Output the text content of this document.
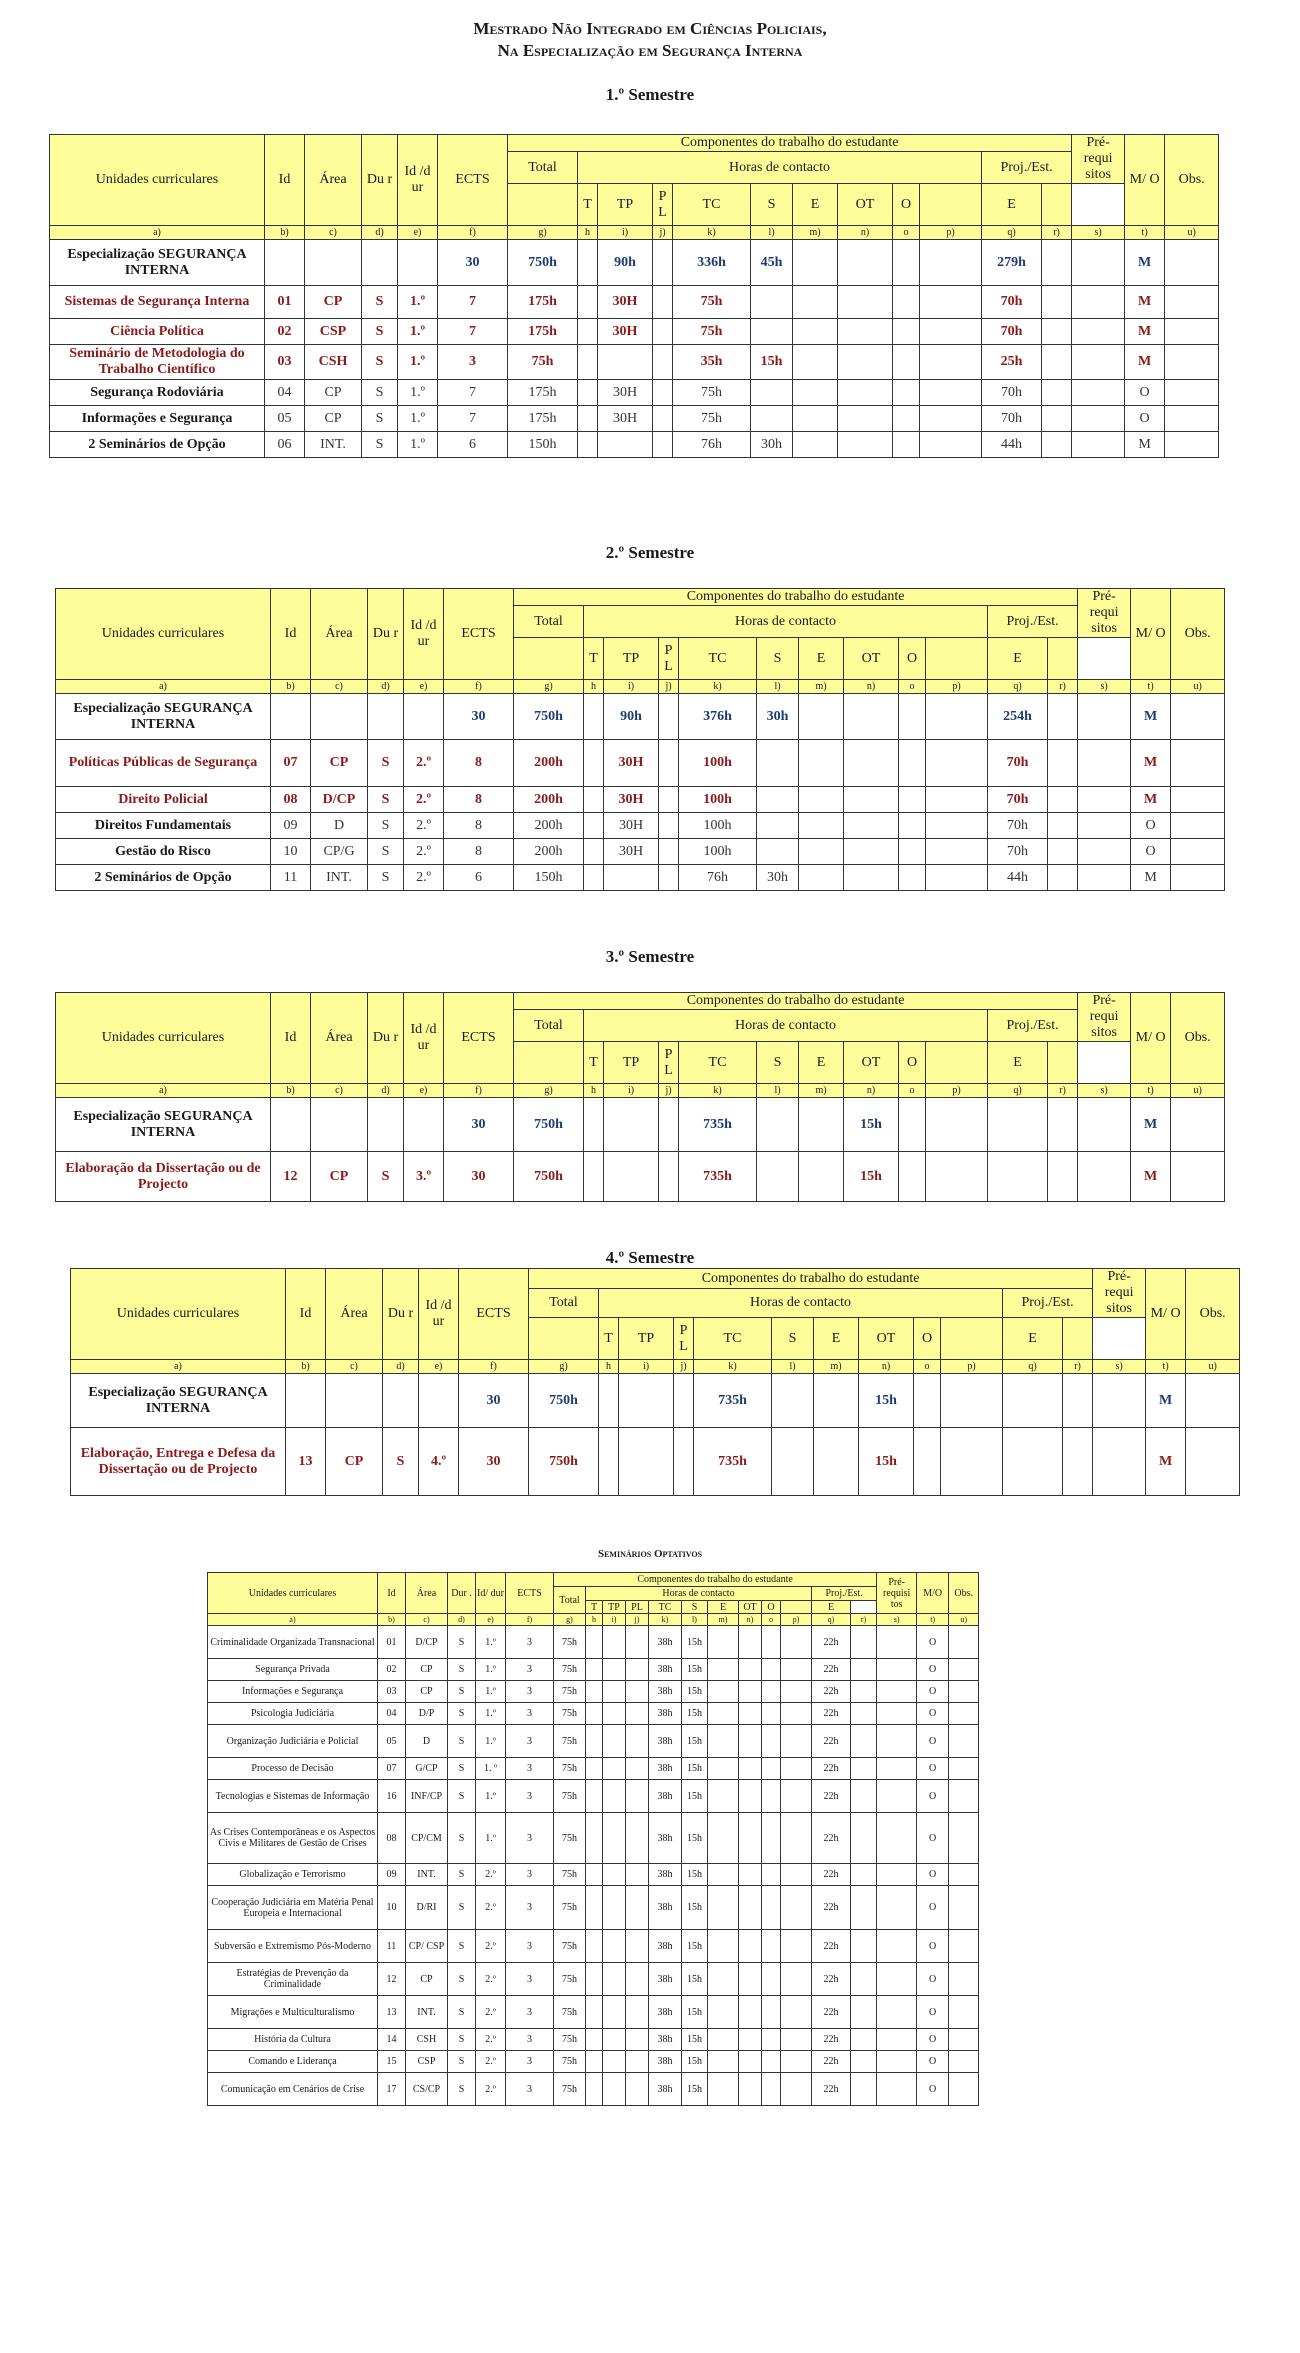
Mestrado Não Integrado em Ciências Policiais,
Na Especialização em Segurança Interna
1.º Semestre
Unidades curriculares	Id	Área	Du r	Id /d ur	ECTS	Componentes do trabalho do estudante												Pré- requi sitos	M/ O	Obs.	
						Total	Horas de contacto									Proj./Est.	
							T	TP	P L	TC	S	E	OT	O		E					
a)	b)	c)	d)	e)	f)	g)	h	i)	j)	k)	l)	m)	n)	o	p)	q)	r)	s)	t)	u)	
Especialização SEGURANÇA INTERNA					30	750h		90h		336h	45h					279h			M		
Sistemas de Segurança Interna	01	CP	S	1.º	7	175h		30H		75h						70h			M		
Ciência Política	02	CSP	S	1.º	7	175h		30H		75h						70h			M		
Seminário de Metodologia do Trabalho Científico	03	CSH	S	1.º	3	75h				35h	15h					25h			M		
Segurança Rodoviária	04	CP	S	1.º	7	175h		30H		75h						70h			O		
Informações e Segurança	05	CP	S	1.º	7	175h		30H		75h						70h			O		
2 Seminários de Opção	06	INT.	S	1.º	6	150h				76h	30h					44h			M		
2.º Semestre
Unidades curriculares	Id	Área	Du r	Id /d ur	ECTS	Componentes do trabalho do estudante												Pré- requi sitos	M/ O	Obs.	
						Total	Horas de contacto									Proj./Est.	
							T	TP	P L	TC	S	E	OT	O		E					
a)	b)	c)	d)	e)	f)	g)	h	i)	j)	k)	l)	m)	n)	o	p)	q)	r)	s)	t)	u)	
Especialização SEGURANÇA INTERNA					30	750h		90h		376h	30h					254h			M		
Políticas Públicas de Segurança	07	CP	S	2.º	8	200h		30H		100h						70h			M		
Direito Policial	08	D/CP	S	2.º	8	200h		30H		100h						70h			M		
Direitos Fundamentais	09	D	S	2.º	8	200h		30H		100h						70h			O		
Gestão do Risco	10	CP/G	S	2.º	8	200h		30H		100h						70h			O		
2 Seminários de Opção	11	INT.	S	2.º	6	150h				76h	30h					44h			M		
3.º Semestre
Unidades curriculares	Id	Área	Du r	Id /d ur	ECTS	Componentes do trabalho do estudante												Pré- requi sitos	M/ O	Obs.	
						Total	Horas de contacto									Proj./Est.	
							T	TP	P L	TC	S	E	OT	O		E					
a)	b)	c)	d)	e)	f)	g)	h	i)	j)	k)	l)	m)	n)	o	p)	q)	r)	s)	t)	u)	
Especialização SEGURANÇA INTERNA					30	750h				735h			15h						M		
Elaboração da Dissertação ou de Projecto	12	CP	S	3.º	30	750h				735h			15h						M		
4.º Semestre
Unidades curriculares	Id	Área	Du r	Id /d ur	ECTS	Componentes do trabalho do estudante												Pré- requi sitos	M/ O	Obs.	
						Total	Horas de contacto									Proj./Est.	
							T	TP	P L	TC	S	E	OT	O		E					
a)	b)	c)	d)	e)	f)	g)	h	i)	j)	k)	l)	m)	n)	o	p)	q)	r)	s)	t)	u)	
Especialização SEGURANÇA INTERNA					30	750h				735h			15h						M		
Elaboração, Entrega e Defesa da Dissertação ou de Projecto	13	CP	S	4.º	30	750h				735h			15h						M		
Seminários Optativos
Unidades curriculares	Id	Área	Dur .	Id/ dur	ECTS	Componentes do trabalho do estudante												Pré- requisi tos	M/O	Obs.	
						Total	Horas de contacto									Proj./Est.	
							T	TP	PL	TC	S	E	OT	O		E					
a)	b)	c)	d)	e)	f)	g)	h	i)	j)	k)	l)	m)	n)	o	p)	q)	r)	s)	t)	u)	
Criminalidade Organizada Transnacional	01	D/CP	S	1.º	3	75h				38h	15h					22h			O		
Segurança Privada	02	CP	S	1.º	3	75h				38h	15h					22h			O		
Informações e Segurança	03	CP	S	1.º	3	75h				38h	15h					22h			O		
Psicologia Judiciária	04	D/P	S	1.º	3	75h				38h	15h					22h			O		
Organização Judiciária e Policial	05	D	S	1.º	3	75h				38h	15h					22h			O		
Processo de Decisão	07	G/CP	S	1. º	3	75h				38h	15h					22h			O		
Tecnologias e Sistemas de Informação	16	INF/CP	S	1.º	3	75h				38h	15h					22h			O		
As Crises Contemporâneas e os Aspectos Civis e Militares de Gestão de Crises	08	CP/CM	S	1.º	3	75h				38h	15h					22h			O		
Globalização e Terrorismo	09	INT.	S	2.º	3	75h				38h	15h					22h			O		
Cooperação Judiciária em Matéria Penal Europeia e Internacional	10	D/RI	S	2.º	3	75h				38h	15h					22h			O		
Subversão e Extremismo Pós-Moderno	11	CP/ CSP	S	2.º	3	75h				38h	15h					22h			O		
Estratégias de Prevenção da Criminalidade	12	CP	S	2.º	3	75h				38h	15h					22h			O		
Migrações e Multiculturalismo	13	INT.	S	2.º	3	75h				38h	15h					22h			O		
História da Cultura	14	CSH	S	2.º	3	75h				38h	15h					22h			O		
Comando e Liderança	15	CSP	S	2.º	3	75h				38h	15h					22h			O		
Comunicação em Cenários de Crise	17	CS/CP	S	2.º	3	75h				38h	15h					22h			O		
